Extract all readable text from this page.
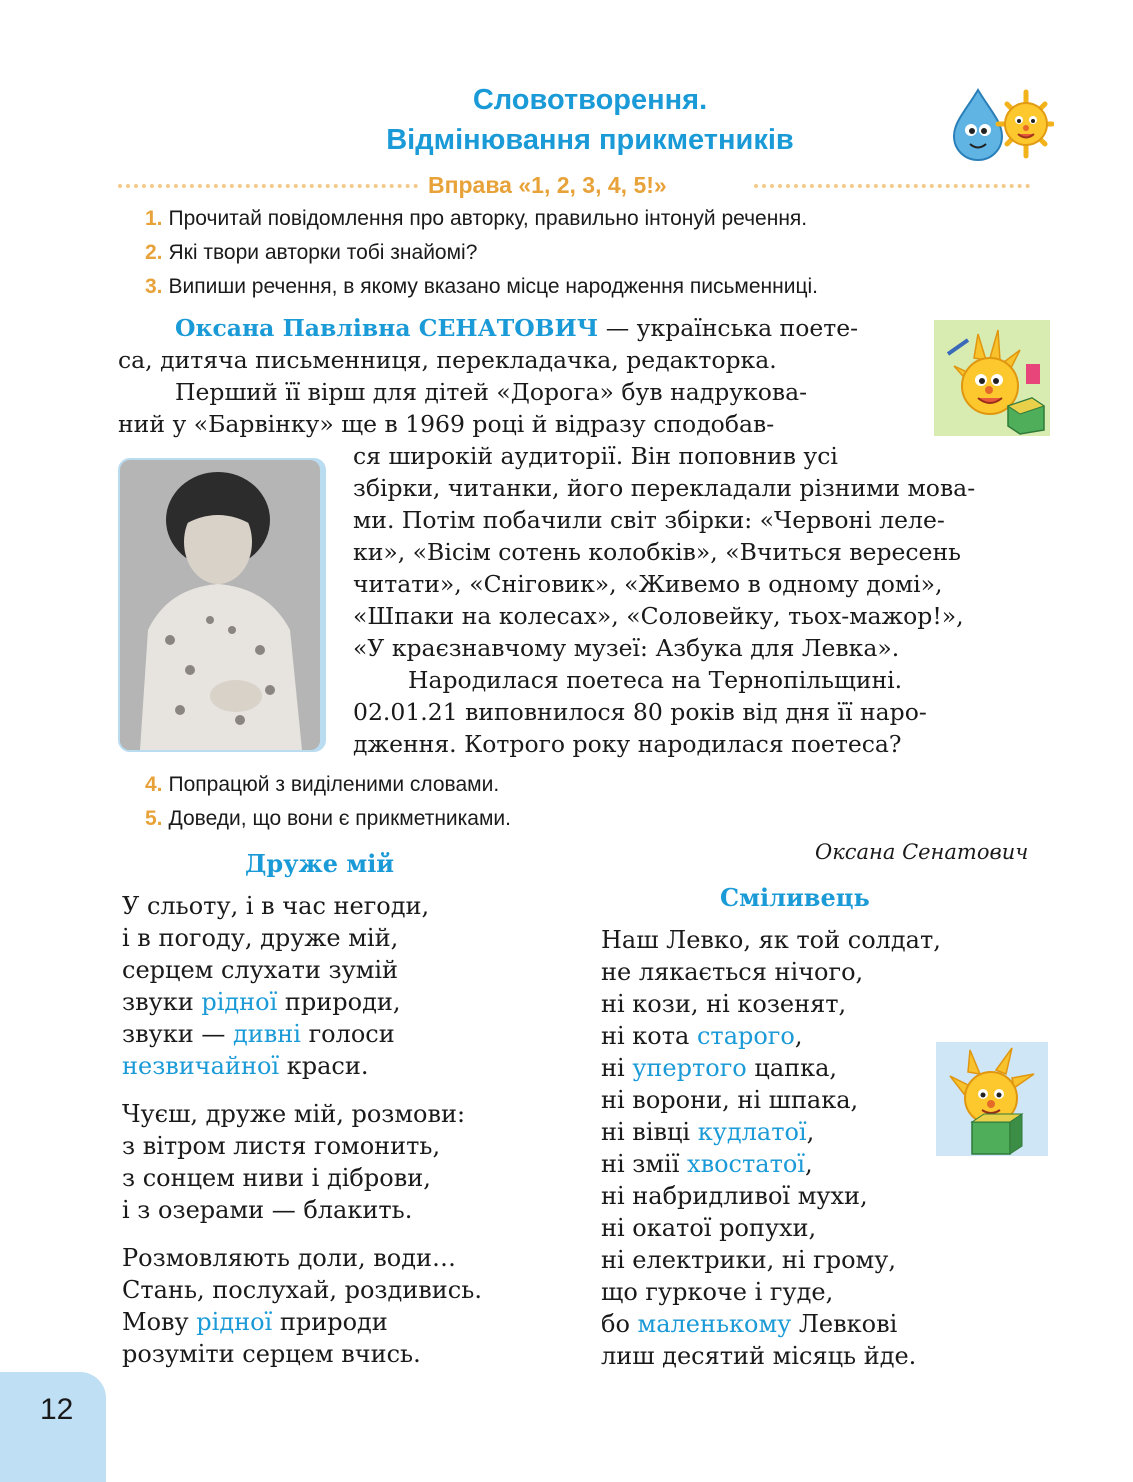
Словотворення.
Відмінювання прикметників
Вправа «1, 2, 3, 4, 5!»
1. Прочитай повідомлення про авторку, правильно інтонуй речення.
2. Які твори авторки тобі знайомі?
3. Випиши речення, в якому вказано місце народження письменниці.
Оксана Павлівна СЕНАТОВИЧ — українська поете-
са, дитяча письменниця, перекладачка, редакторка.
Перший її вірш для дітей «Дорога» був надрукова-
ний у «Барвінку» ще в 1969 році й відразу сподобав-
ся широкій аудиторії. Він поповнив усі
збірки, читанки, його перекладали різними мова-
ми. Потім побачили світ збірки: «Червоні леле-
ки», «Вісім сотень колобків», «Вчиться вересень
читати», «Сніговик», «Живемо в одному домі»,
«Шпаки на колесах», «Соловейку, тьох-мажор!»,
«У краєзнавчому музеї: Азбука для Левка».
Народилася поетеса на Тернопільщині.
02.01.21 виповнилося 80 років від дня її наро-
дження. Котрого року народилася поетеса?
4. Попрацюй з виділеними словами.
5. Доведи, що вони є прикметниками.
Оксана Сенатович
Друже мій
У сльоту, і в час негоди,
і в погоду, друже мій,
серцем слухати зумій
звуки рідної природи,
звуки — дивні голоси
незвичайної краси.
Чуєш, друже мій, розмови:
з вітром листя гомонить,
з сонцем ниви і діброви,
і з озерами — блакить.
Розмовляють доли, води…
Стань, послухай, роздивись.
Мову рідної природи
розуміти серцем вчись.
Сміливець
Наш Левко, як той солдат,
не лякається нічого,
ні кози, ні козенят,
ні кота старого,
ні упертого цапка,
ні ворони, ні шпака,
ні вівці кудлатої,
ні змії хвостатої,
ні набридливої мухи,
ні окатої ропухи,
ні електрики, ні грому,
що гуркоче і гуде,
бо маленькому Левкові
лиш десятий місяць йде.
12
